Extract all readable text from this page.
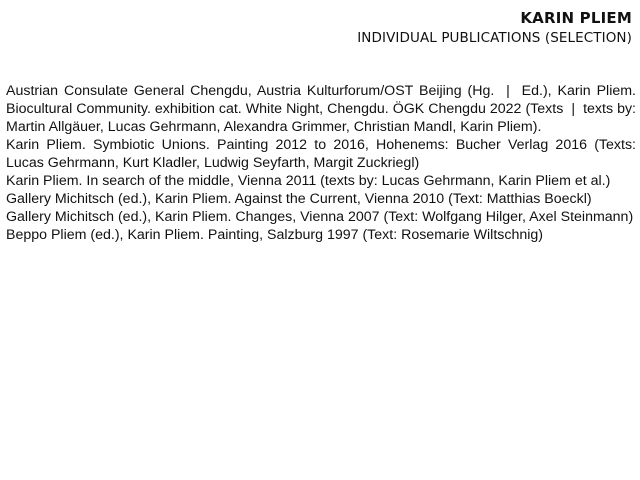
KARIN PLIEM
INDIVIDUAL PUBLICATIONS (SELECTION)
Austrian Consulate General Chengdu, Austria Kulturforum/OST Beijing (Hg.  |  Ed.), Karin Pliem. Biocultural Community. exhibition cat. White Night, Chengdu. ÖGK Chengdu 2022 (Texts  |  texts by: Martin Allgäuer, Lucas Gehrmann, Alexandra Grimmer, Christian Mandl, Karin Pliem).
Karin Pliem. Symbiotic Unions. Painting 2012 to 2016, Hohenems: Bucher Verlag 2016 (Texts: Lucas Gehrmann, Kurt Kladler, Ludwig Seyfarth, Margit Zuckriegl)
Karin Pliem. In search of the middle, Vienna 2011 (texts by: Lucas Gehrmann, Karin Pliem et al.)
Gallery Michitsch (ed.), Karin Pliem. Against the Current, Vienna 2010 (Text: Matthias Boeckl)
Gallery Michitsch (ed.), Karin Pliem. Changes, Vienna 2007 (Text: Wolfgang Hilger, Axel Steinmann)
Beppo Pliem (ed.), Karin Pliem. Painting, Salzburg 1997 (Text: Rosemarie Wiltschnig)
